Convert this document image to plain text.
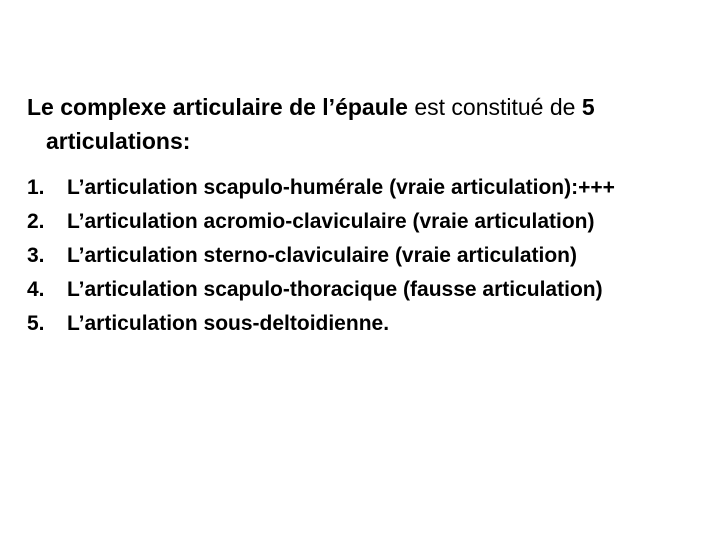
Le complexe articulaire de l’épaule est constitué de 5 articulations:

1. L’articulation scapulo-humérale (vraie articulation):+++
2. L’articulation acromio-claviculaire (vraie articulation)
3. L’articulation sterno-claviculaire (vraie articulation)
4. L’articulation scapulo-thoracique (fausse articulation)
5. L’articulation sous-deltoidienne.
